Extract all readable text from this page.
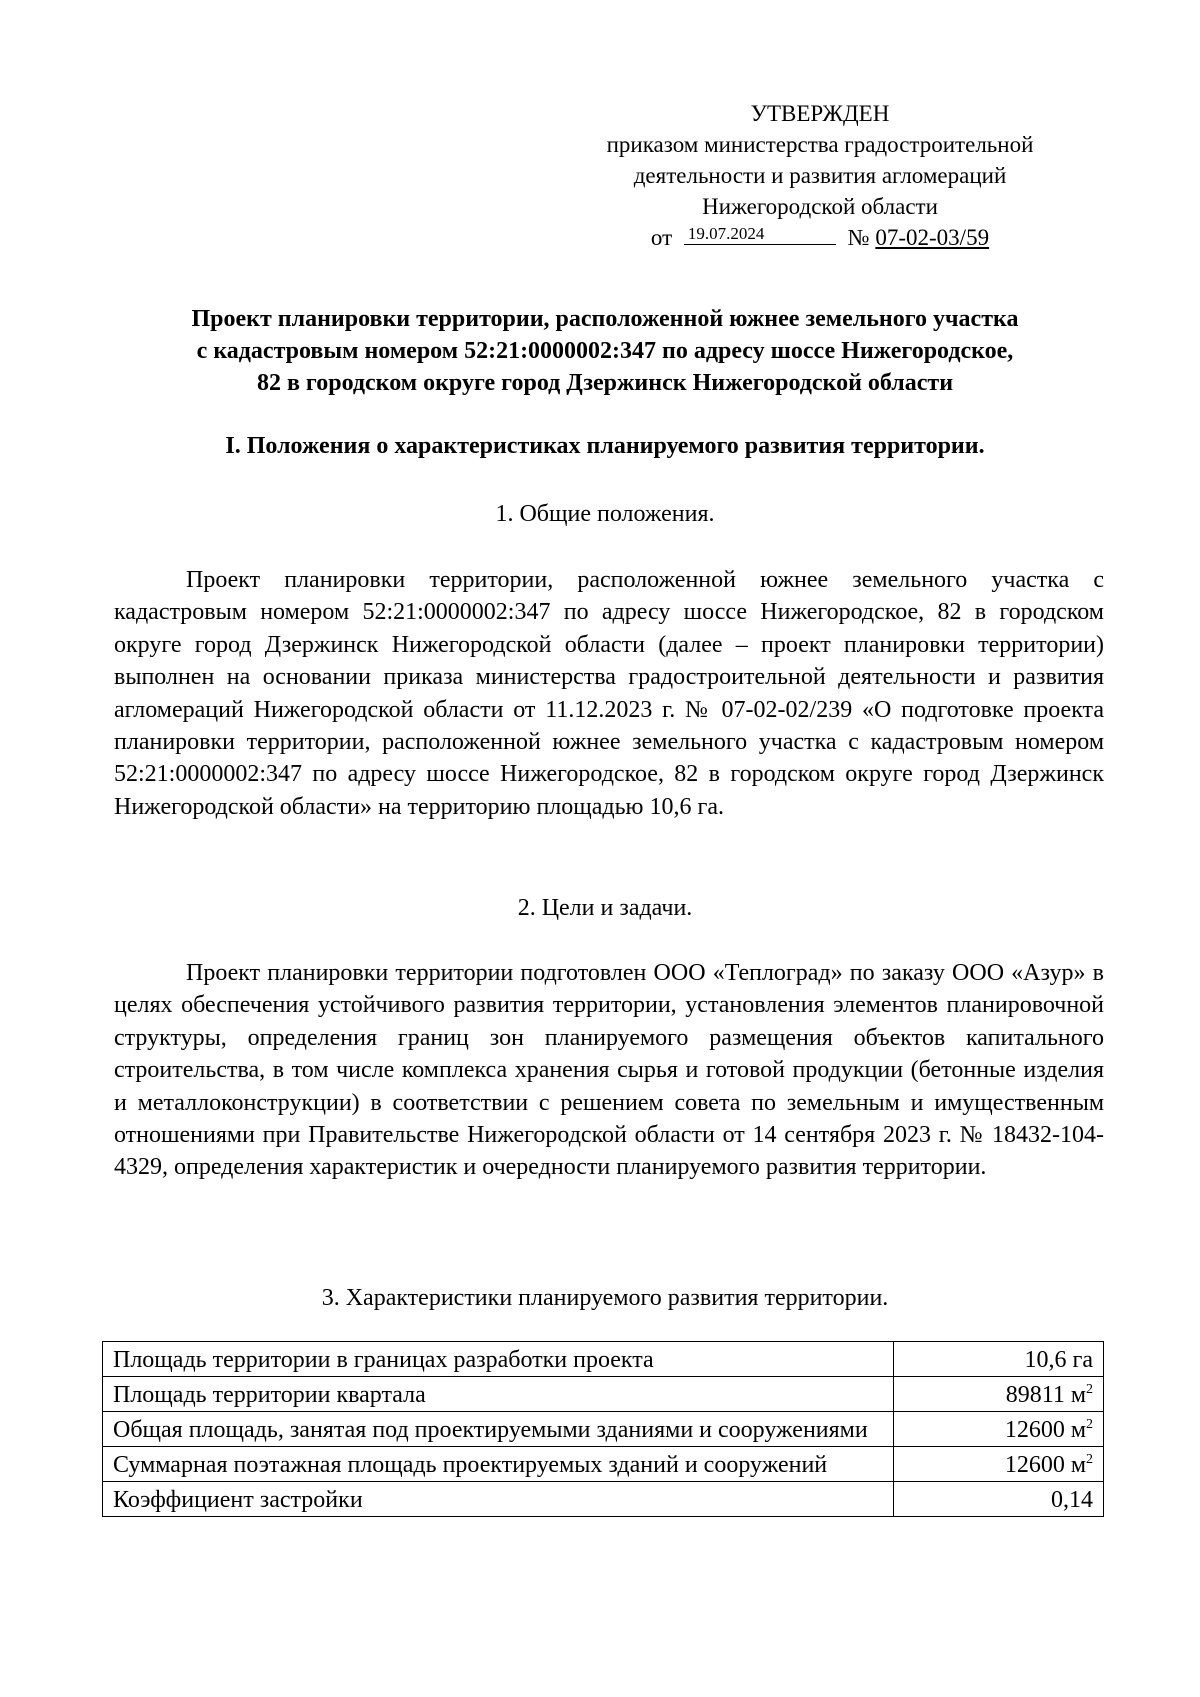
УТВЕРЖДЕН
приказом министерства градостроительной
деятельности и развития агломераций
Нижегородской области
от 19.07.2024	№ 07-02-03/59
Проект планировки территории, расположенной южнее земельного участка
с кадастровым номером 52:21:0000002:347 по адресу шоссе Нижегородское,
82 в городском округе город Дзержинск Нижегородской области
I. Положения о характеристиках планируемого развития территории.
1. Общие положения.

Проект планировки территории, расположенной южнее земельного участка с кадастровым номером 52:21:0000002:347 по адресу шоссе Нижегородское, 82 в городском округе город Дзержинск Нижегородской области (далее – проект планировки территории) выполнен на основании приказа министерства градостроительной деятельности и развития агломераций Нижегородской области от 11.12.2023 г. № 07-02-02/239 «О подготовке проекта планировки территории, расположенной южнее земельного участка с кадастровым номером 52:21:0000002:347 по адресу шоссе Нижегородское, 82 в городском округе город Дзержинск Нижегородской области» на территорию площадью 10,6 га.

2. Цели и задачи.

Проект планировки территории подготовлен ООО «Теплоград» по заказу ООО «Азур» в целях обеспечения устойчивого развития территории, установления элементов планировочной структуры, определения границ зон планируемого размещения объектов капитального строительства, в том числе комплекса хранения сырья и готовой продукции (бетонные изделия и металлоконструкции) в соответствии с решением совета по земельным и имущественным отношениями при Правительстве Нижегородской области от 14 сентября 2023 г. № 18432-104-4329, определения характеристик и очередности планируемого развития территории.

3. Характеристики планируемого развития территории.
Площадь территории в границах разработки проекта	10,6 га
Площадь территории квартала	89811 $м^2$
Общая площадь, занятая под проектируемыми зданиями и сооружениями	12600 $м^2$
Суммарная поэтажная площадь проектируемых зданий и сооружений	12600 $м^2$
Коэффициент застройки	0,14
